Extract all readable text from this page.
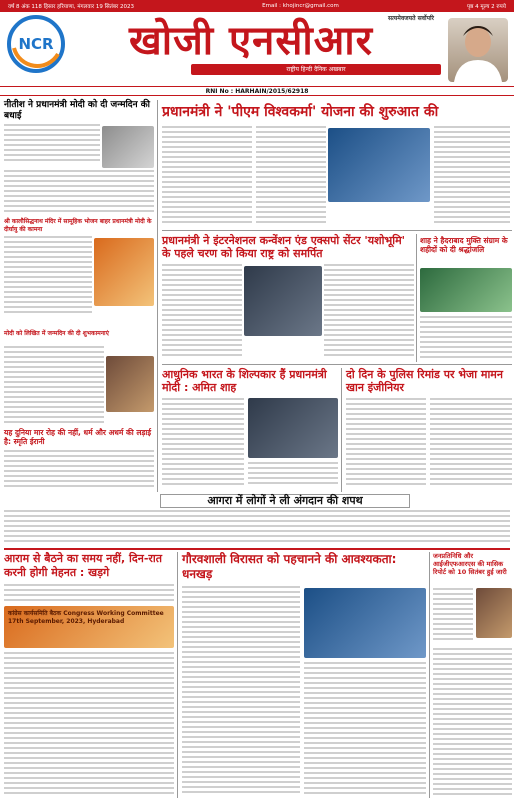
वर्ष 8 अंक 118 हिसार हरियाणा, मंगलवार 19 सितंबर 2023	Email : khojincr@gmail.com	पृष्ठ 4 मूल्य 2 रुपये
NCR	खोजी एनसीआर	सत्यमेवजयते सर्वोपरि
राष्ट्रीय हिन्दी दैनिक अखबार
RNI No : HARHAIN/2015/62918
नीतीश ने प्रधानमंत्री मोदी को दी जन्मदिन की बधाई
श्री कालौसिद्धनाथ मंदिर में सामूहिक भोजन बाहर प्रधानमंत्री मोदी के दीर्घायु की कामना
मोदी को लिखित में जन्मदिन की दी शुभकामनाएं
यह दुनिया मार रोह की नहीं, धर्म और अधर्म की लड़ाई है: स्मृति ईरानी
प्रधानमंत्री ने 'पीएम विश्वकर्मा' योजना की शुरुआत की
प्रधानमंत्री ने इंटरनेशनल कन्वेंशन एंड एक्सपो सेंटर 'यशोभूमि' के पहले चरण को किया राष्ट्र को समर्पित
शाह ने हैदराबाद मुक्ति संग्राम के शहीदों को दी श्रद्धांजलि
आधुनिक भारत के शिल्पकार हैं प्रधानमंत्री मोदी : अमित शाह
दो दिन के पुलिस रिमांड पर भेजा मामन खान इंजीनियर
आगरा में लोगों ने ली अंगदान की शपथ
आराम से बैठने का समय नहीं, दिन-रात करनी होगी मेहनत : खड़गे
कांग्रेस कार्यसमिति बैठक Congress Working Committee 17th September, 2023, Hyderabad
गौरवशाली विरासत को पहचानने की आवश्यकता: धनखड़
जनप्रतिनिधि और आईजीएफआरएस की मासिक रिपोर्ट को 10 सितंबर हुई जारी
